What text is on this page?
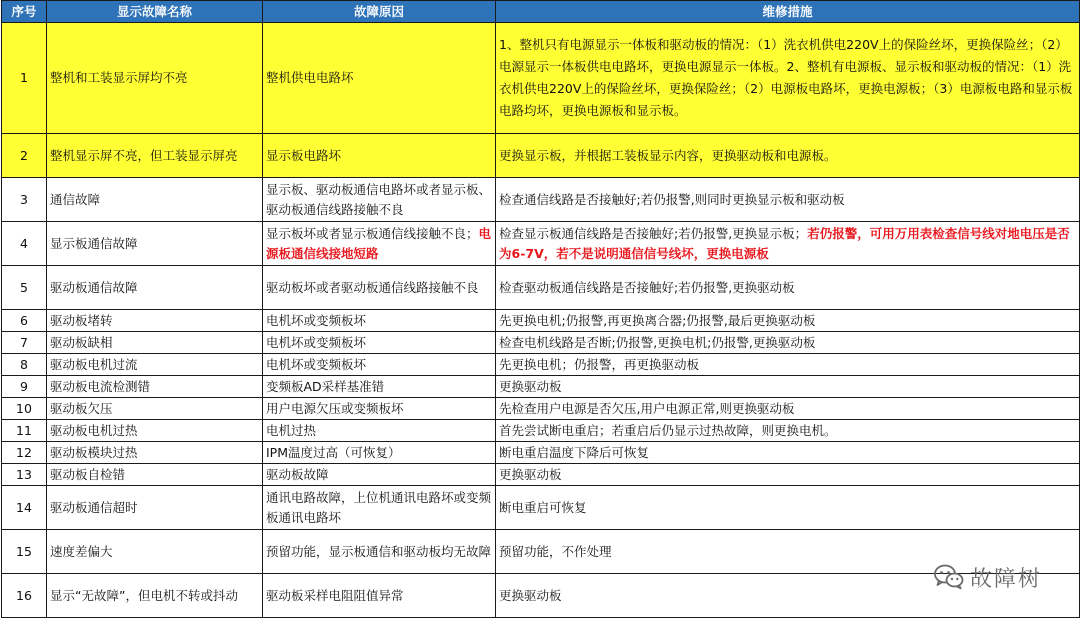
序号	显示故障名称	故障原因	维修措施
1	整机和工装显示屏均不亮	整机供电电路坏	1、整机只有电源显示一体板和驱动板的情况：（1）洗衣机供电220V上的保险丝坏，更换保险丝；（2）电源显示一体板供电电路坏，更换电源显示一体板。2、整机有电源板、显示板和驱动板的情况：（1）洗衣机供电220V上的保险丝坏，更换保险丝；（2）电源板电路坏，更换电源板；（3）电源板电路和显示板电路均坏，更换电源板和显示板。
2	整机显示屏不亮，但工装显示屏亮	显示板电路坏	更换显示板，并根据工装板显示内容，更换驱动板和电源板。
3	通信故障	显示板、驱动板通信电路坏或者显示板、驱动板通信线路接触不良	检查通信线路是否接触好;若仍报警,则同时更换显示板和驱动板
4	显示板通信故障	显示板坏或者显示板通信线接触不良；电源板通信线接地短路	检查显示板通信线路是否接触好;若仍报警,更换显示板；若仍报警，可用万用表检查信号线对地电压是否为6-7V，若不是说明通信信号线坏，更换电源板
5	驱动板通信故障	驱动板坏或者驱动板通信线路接触不良	检查驱动板通信线路是否接触好;若仍报警,更换驱动板
6	驱动板堵转	电机坏或变频板坏	先更换电机;仍报警,再更换离合器;仍报警,最后更换驱动板
7	驱动板缺相	电机坏或变频板坏	检查电机线路是否断;仍报警,更换电机;仍报警,更换驱动板
8	驱动板电机过流	电机坏或变频板坏	先更换电机；仍报警，再更换驱动板
9	驱动板电流检测错	变频板AD采样基准错	更换驱动板
10	驱动板欠压	用户电源欠压或变频板坏	先检查用户电源是否欠压,用户电源正常,则更换驱动板
11	驱动板电机过热	电机过热	首先尝试断电重启；若重启后仍显示过热故障，则更换电机。
12	驱动板模块过热	IPM温度过高（可恢复）	断电重启温度下降后可恢复
13	驱动板自检错	驱动板故障	更换驱动板
14	驱动板通信超时	通讯电路故障，上位机通讯电路坏或变频板通讯电路坏	断电重启可恢复
15	速度差偏大	预留功能，显示板通信和驱动板均无故障	预留功能，不作处理
16	显示“无故障”，但电机不转或抖动	驱动板采样电阻阻值异常	更换驱动板
故障树
